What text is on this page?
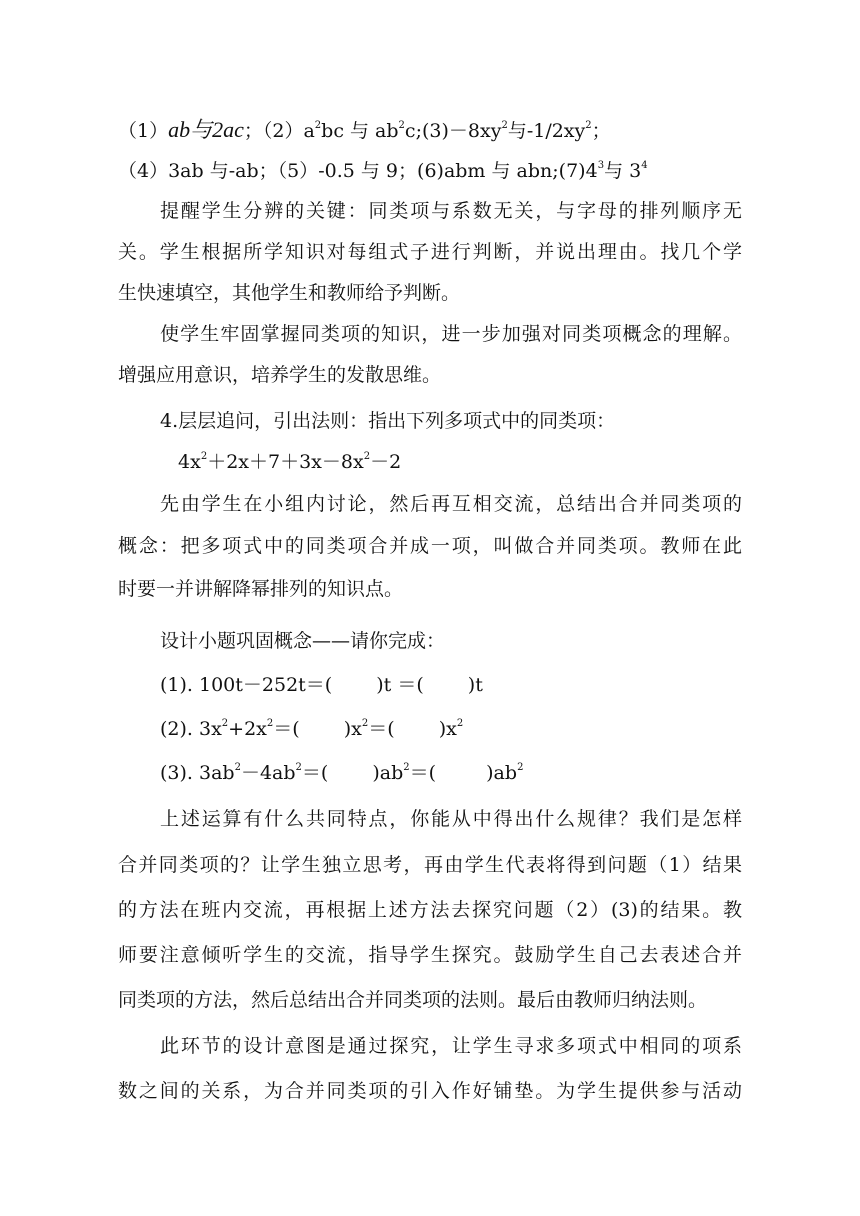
（1）ab与2ac；$(2)a^2bc$ 与 $ab^2c;(3)-8xy^2$与$-1/2xy^2$；
（4）3ab 与-ab；（5）-0.5 与 9；(6)abm 与 $abn;(7)4^3$与 $3^4$
提醒学生分辨的关键：同类项与系数无关，与字母的排列顺序无
关。学生根据所学知识对每组式子进行判断，并说出理由。找几个学
生快速填空，其他学生和教师给予判断。
使学生牢固掌握同类项的知识，进一步加强对同类项概念的理解。
增强应用意识，培养学生的发散思维。
4.层层追问，引出法则：指出下列多项式中的同类项：
$4x^2+2x+7+3x-8x^2-2$
先由学生在小组内讨论，然后再互相交流，总结出合并同类项的
概念：把多项式中的同类项合并成一项，叫做合并同类项。教师在此
时要一并讲解降幂排列的知识点。
设计小题巩固概念——请你完成：
(1). 100t－252t＝(　 　)t ＝(　　 )t
(2). $3x^2+2x^2=$(　 　)$x^2=$(　 　)$x^2$
(3). $3ab^2-4ab^2=$(　 　)$ab^2=$(　 　 )$ab^2$
上述运算有什么共同特点，你能从中得出什么规律？我们是怎样
合并同类项的？让学生独立思考，再由学生代表将得到问题（1）结果
的方法在班内交流，再根据上述方法去探究问题（2）(3)的结果。教
师要注意倾听学生的交流，指导学生探究。鼓励学生自己去表述合并
同类项的方法，然后总结出合并同类项的法则。最后由教师归纳法则。
此环节的设计意图是通过探究，让学生寻求多项式中相同的项系
数之间的关系，为合并同类项的引入作好铺垫。为学生提供参与活动
